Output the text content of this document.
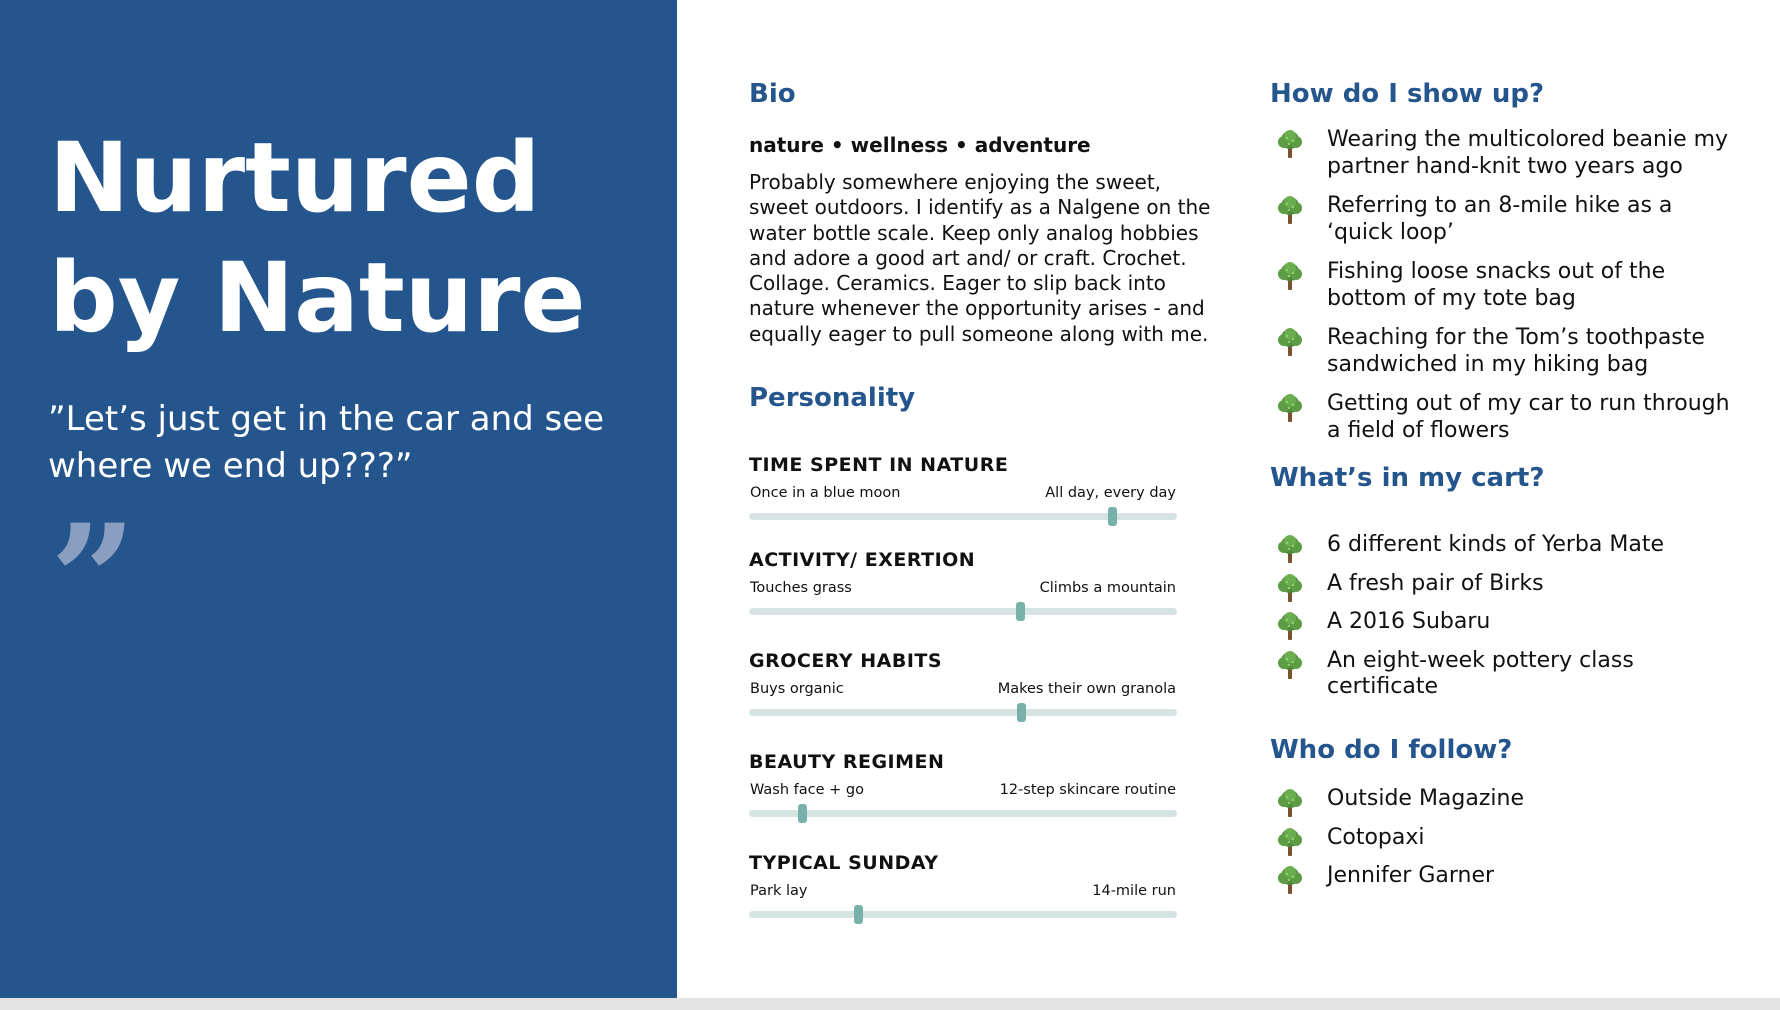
Nurtured
by Nature

”Let’s just get in the car and see where we end up???”

”
Bio

nature • wellness • adventure

Probably somewhere enjoying the sweet, sweet outdoors. I identify as a Nalgene on the water bottle scale. Keep only analog hobbies and adore a good art and/ or craft. Crochet. Collage. Ceramics. Eager to slip back into nature whenever the opportunity arises - and equally eager to pull someone along with me.

Personality

TIME SPENT IN NATURE

Once in a blue moon	All day, every day

ACTIVITY/ EXERTION

Touches grass	Climbs a mountain

GROCERY HABITS

Buys organic	Makes their own granola

BEAUTY REGIMEN

Wash face + go	12-step skincare routine

TYPICAL SUNDAY

Park lay	14-mile run
How do I show up?
Wearing the multicolored beanie my partner hand-knit two years ago
Referring to an 8-mile hike as a ‘quick loop’
Fishing loose snacks out of the bottom of my tote bag
Reaching for the Tom’s toothpaste sandwiched in my hiking bag
Getting out of my car to run through a field of flowers
What’s in my cart?
6 different kinds of Yerba Mate
A fresh pair of Birks
A 2016 Subaru
An eight-week pottery class certificate
Who do I follow?
Outside Magazine
Cotopaxi
Jennifer Garner
